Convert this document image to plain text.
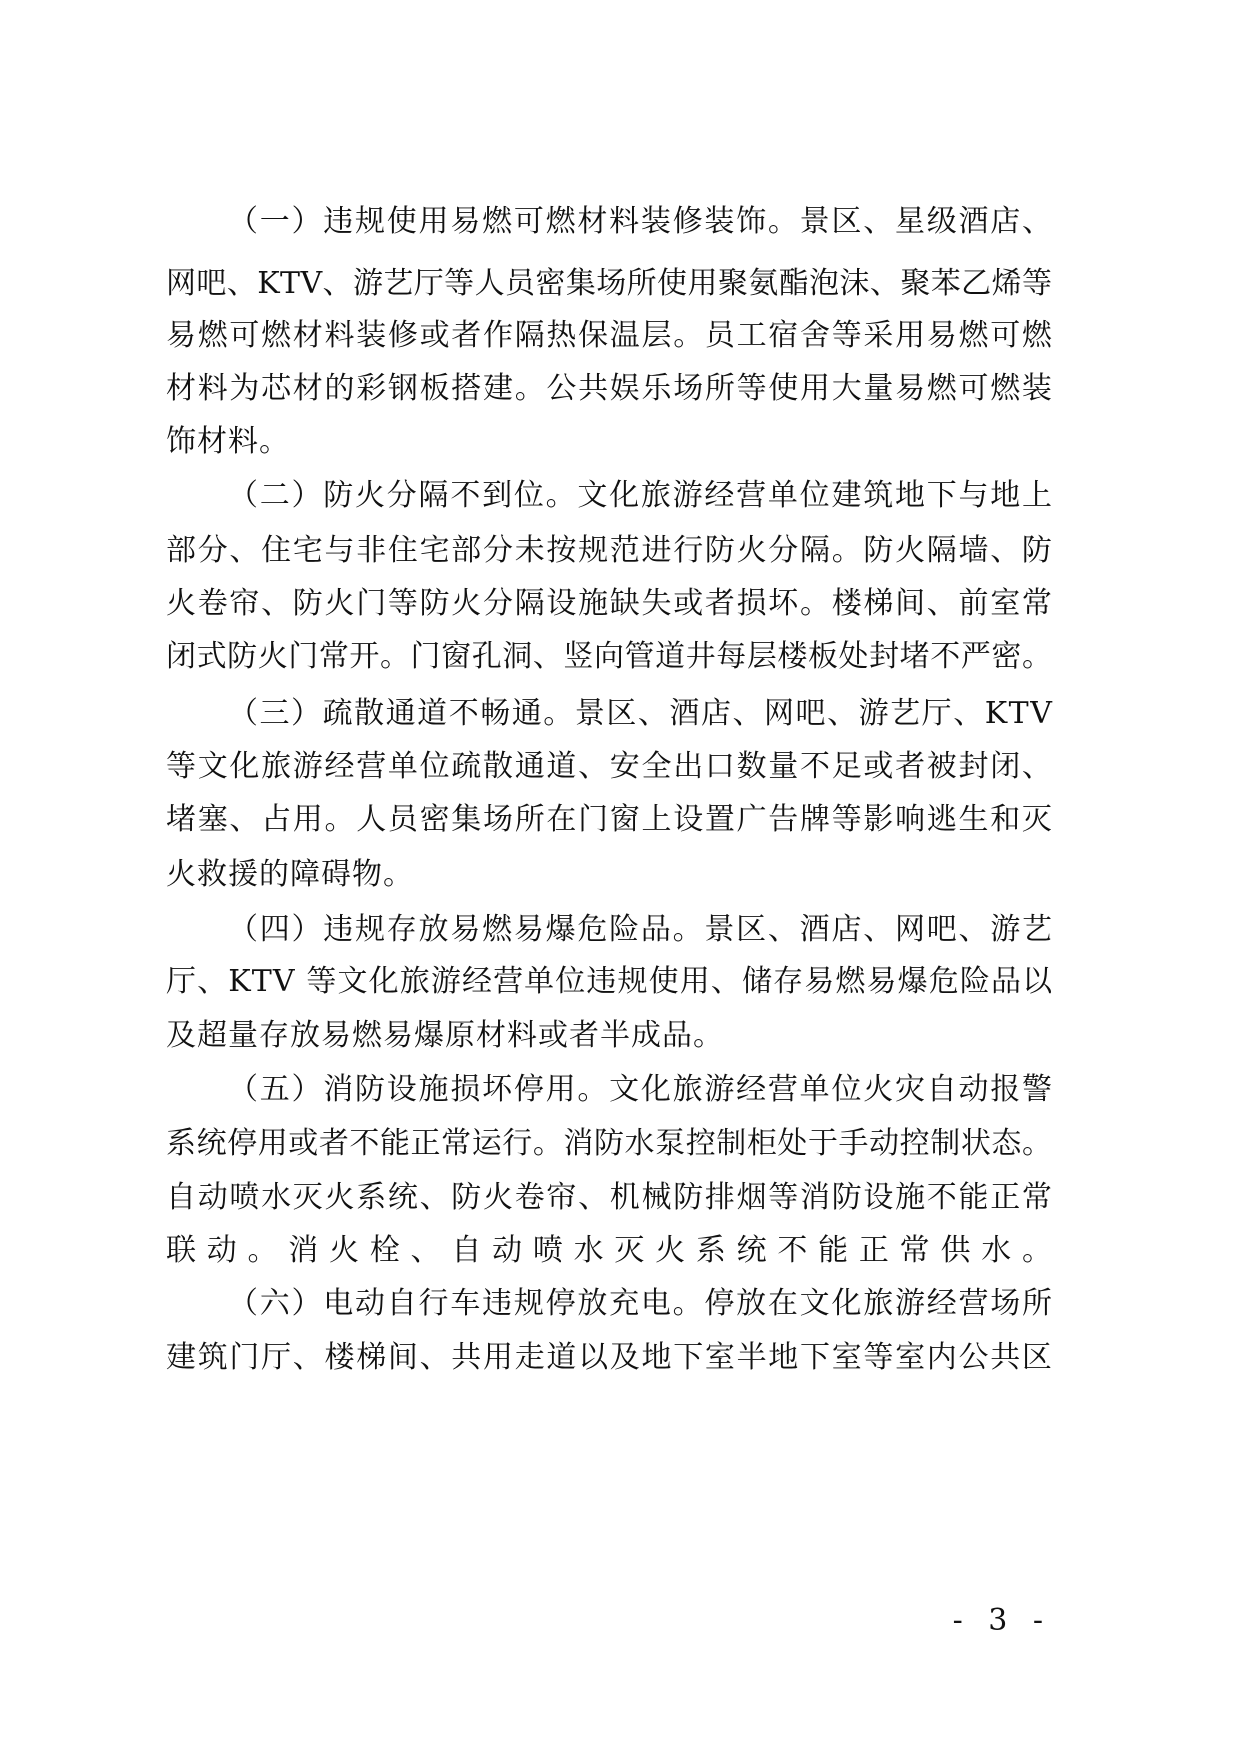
（一）违规使用易燃可燃材料装修装饰。景区、星级酒店、
网吧、KTV、游艺厅等人员密集场所使用聚氨酯泡沫、聚苯乙烯等
易燃可燃材料装修或者作隔热保温层。员工宿舍等采用易燃可燃
材料为芯材的彩钢板搭建。公共娱乐场所等使用大量易燃可燃装
饰材料。
（二）防火分隔不到位。文化旅游经营单位建筑地下与地上
部分、住宅与非住宅部分未按规范进行防火分隔。防火隔墙、防
火卷帘、防火门等防火分隔设施缺失或者损坏。楼梯间、前室常
闭式防火门常开。门窗孔洞、竖向管道井每层楼板处封堵不严密。
（三）疏散通道不畅通。景区、酒店、网吧、游艺厅、KTV
等文化旅游经营单位疏散通道、安全出口数量不足或者被封闭、
堵塞、占用。人员密集场所在门窗上设置广告牌等影响逃生和灭
火救援的障碍物。
（四）违规存放易燃易爆危险品。景区、酒店、网吧、游艺
厅、KTV 等文化旅游经营单位违规使用、储存易燃易爆危险品以
及超量存放易燃易爆原材料或者半成品。
（五）消防设施损坏停用。文化旅游经营单位火灾自动报警
系统停用或者不能正常运行。消防水泵控制柜处于手动控制状态。
自动喷水灭火系统、防火卷帘、机械防排烟等消防设施不能正常
联动。消火栓、自动喷水灭火系统不能正常供水。
（六）电动自行车违规停放充电。停放在文化旅游经营场所
建筑门厅、楼梯间、共用走道以及地下室半地下室等室内公共区
- 3 -
